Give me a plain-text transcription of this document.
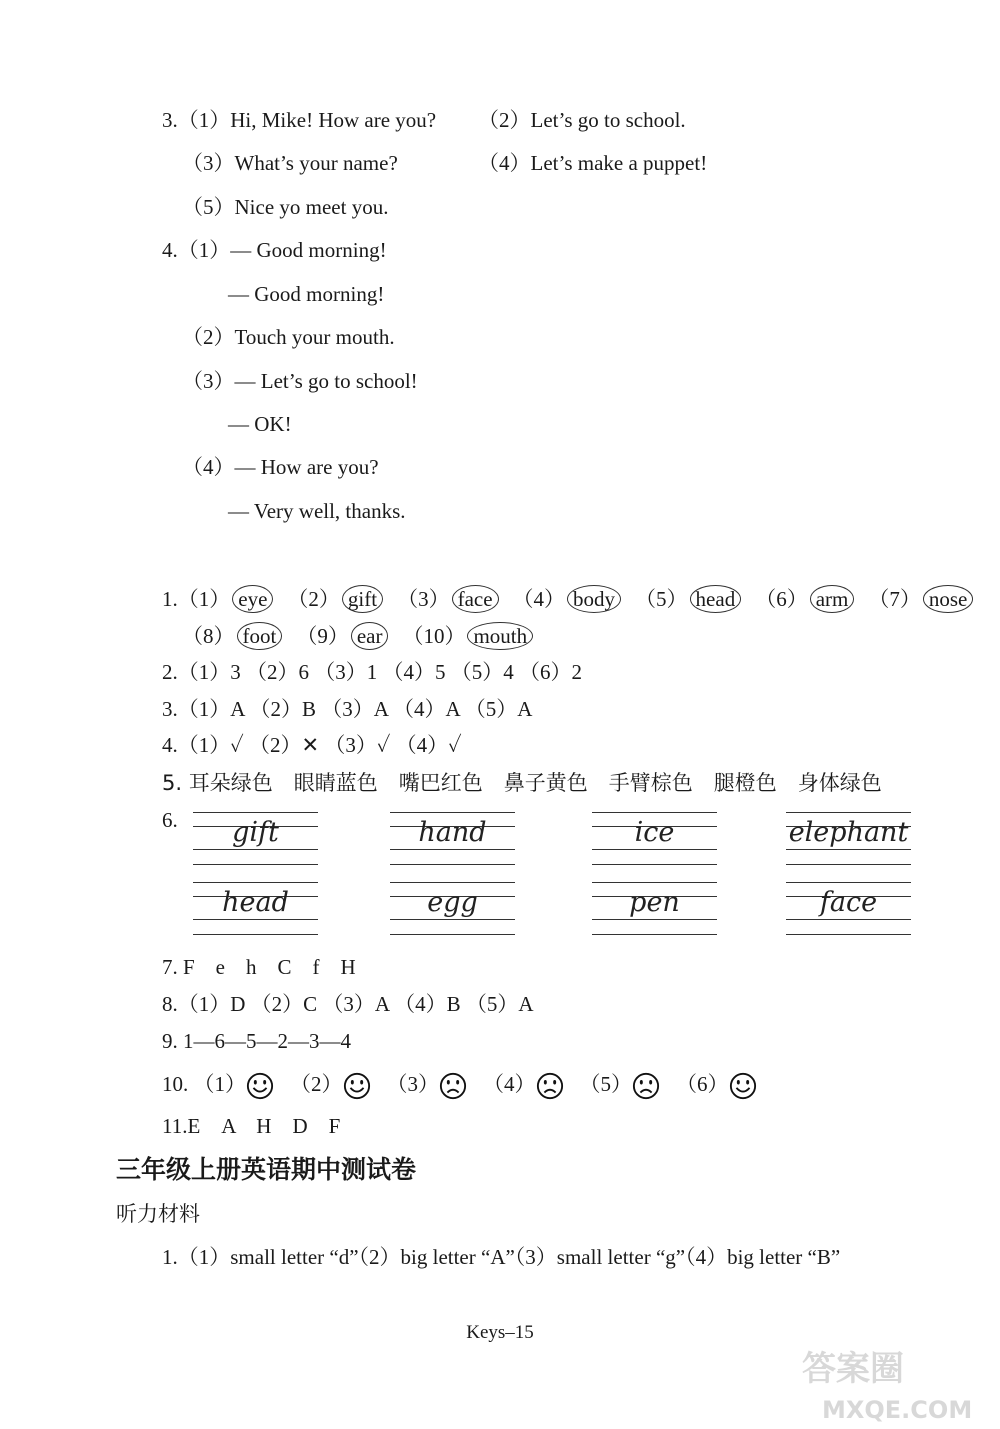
3.（1）Hi, Mike! How are you? （2）Let’s go to school.
（3）What’s your name?	（4）Let’s make a puppet!
（5）Nice yo meet you.
4.（1）— Good morning!
— Good morning!
（2）Touch your mouth.
（3）— Let’s go to school!
— OK!
（4）— How are you?
— Very well, thanks.
1.（1） eye （2） gift （3） face （4） body （5） head （6） arm （7） nose
（8） foot （9） ear （10） mouth
2.（1）3 （2）6 （3）1 （4）5 （5）4 （6）2
3.（1）A （2）B （3）A （4）A （5）A
4.（1）✓ （2）✕ （3）✓ （4）✓
5. 耳朵绿色　眼睛蓝色　嘴巴红色　鼻子黄色　手臂棕色　腿橙色　身体绿色
6.	gift	hand	ice	elephant
head	egg	pen	face
7. F　e　h　C　f　H
8.（1）D （2）C （3）A （4）B （5）A
9. 1—6—5—2—3—4
10. （1） （2） （3） （4） （5） （6）
11.E　A　H　D　F
三年级上册英语期中测试卷
听力材料
1.（1）small letter “d”（2）big letter “A”（3）small letter “g”（4）big letter “B”
Keys–15
答案圈
MXQE.COM
